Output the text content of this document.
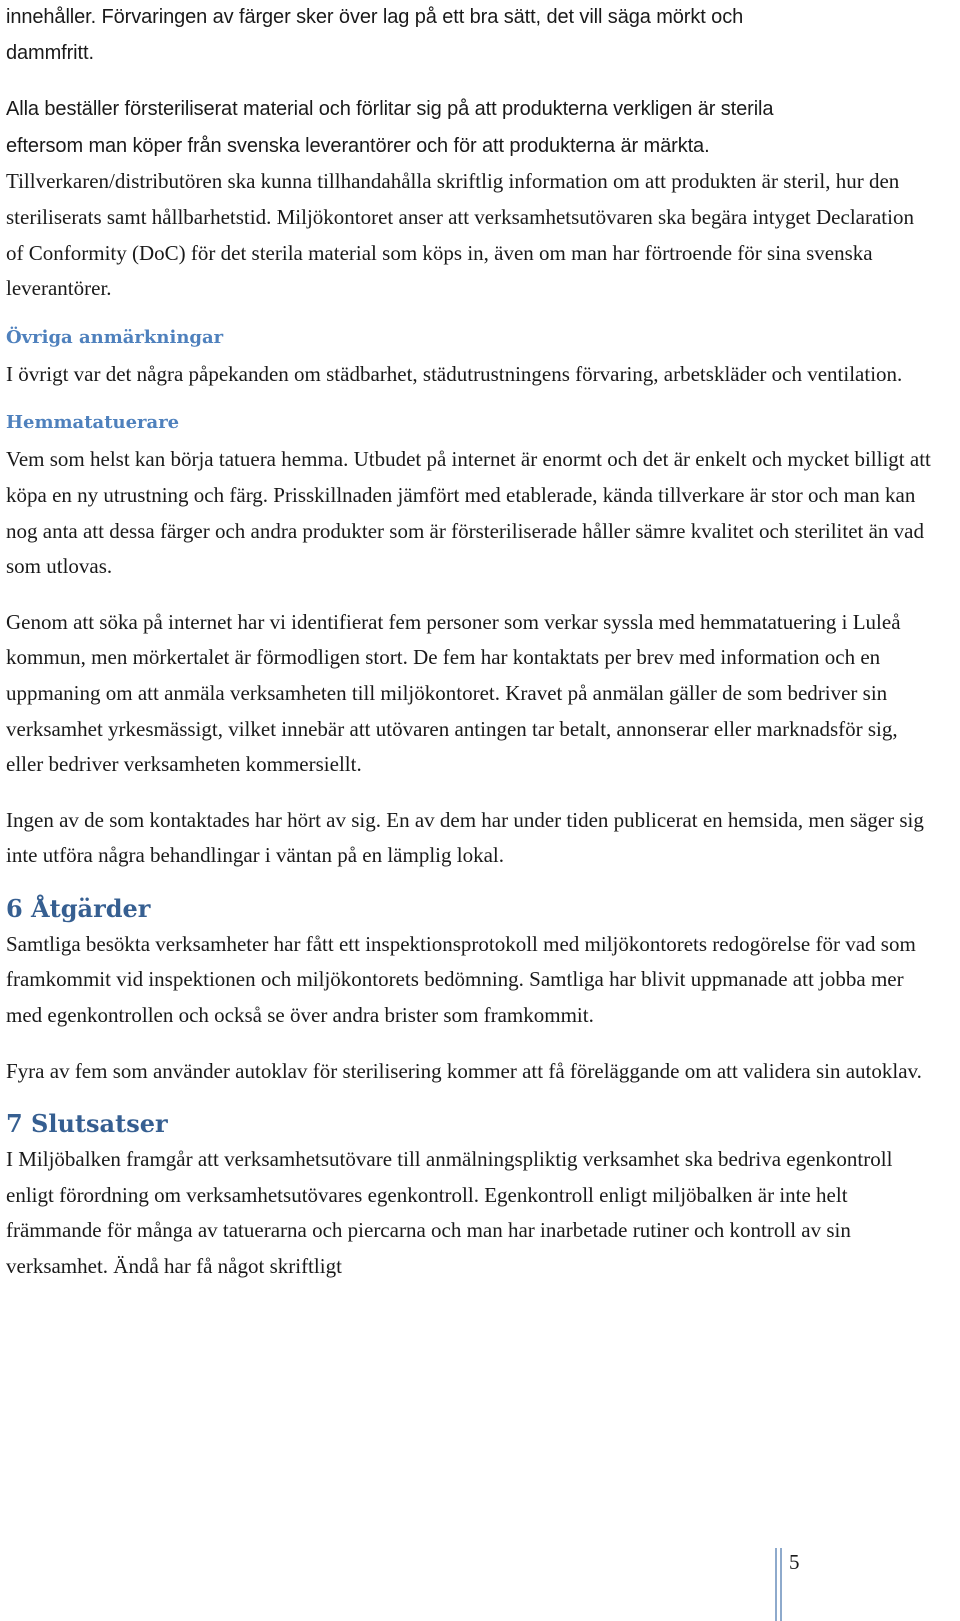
innehåller. Förvaringen av färger sker över lag på ett bra sätt, det vill säga mörkt och
dammfritt.

Alla beställer försteriliserat material och förlitar sig på att produkterna verkligen är sterila
eftersom man köper från svenska leverantörer och för att produkterna är märkta.
Tillverkaren/distributören ska kunna tillhandahålla skriftlig information om att produkten är steril, hur den steriliserats samt hållbarhetstid. Miljökontoret anser att verksamhetsutövaren ska begära intyget Declaration of Conformity (DoC) för det sterila material som köps in, även om man har förtroende för sina svenska leverantörer.

Övriga anmärkningar

I övrigt var det några påpekanden om städbarhet, städutrustningens förvaring, arbetskläder och ventilation.

Hemmatatuerare

Vem som helst kan börja tatuera hemma. Utbudet på internet är enormt och det är enkelt och mycket billigt att köpa en ny utrustning och färg. Prisskillnaden jämfört med etablerade, kända tillverkare är stor och man kan nog anta att dessa färger och andra produkter som är försteriliserade håller sämre kvalitet och sterilitet än vad som utlovas.

Genom att söka på internet har vi identifierat fem personer som verkar syssla med hemmatatuering i Luleå kommun, men mörkertalet är förmodligen stort. De fem har kontaktats per brev med information och en uppmaning om att anmäla verksamheten till miljökontoret. Kravet på anmälan gäller de som bedriver sin verksamhet yrkesmässigt, vilket innebär att utövaren antingen tar betalt, annonserar eller marknadsför sig, eller bedriver verksamheten kommersiellt.

Ingen av de som kontaktades har hört av sig. En av dem har under tiden publicerat en hemsida, men säger sig inte utföra några behandlingar i väntan på en lämplig lokal.

6 Åtgärder

Samtliga besökta verksamheter har fått ett inspektionsprotokoll med miljökontorets redogörelse för vad som framkommit vid inspektionen och miljökontorets bedömning. Samtliga har blivit uppmanade att jobba mer med egenkontrollen och också se över andra brister som framkommit.

Fyra av fem som använder autoklav för sterilisering kommer att få föreläggande om att validera sin autoklav.

7 Slutsatser

I Miljöbalken framgår att verksamhetsutövare till anmälningspliktig verksamhet ska bedriva egenkontroll enligt förordning om verksamhetsutövares egenkontroll. Egenkontroll enligt miljöbalken är inte helt främmande för många av tatuerarna och piercarna och man har inarbetade rutiner och kontroll av sin verksamhet. Ändå har få något skriftligt

5
